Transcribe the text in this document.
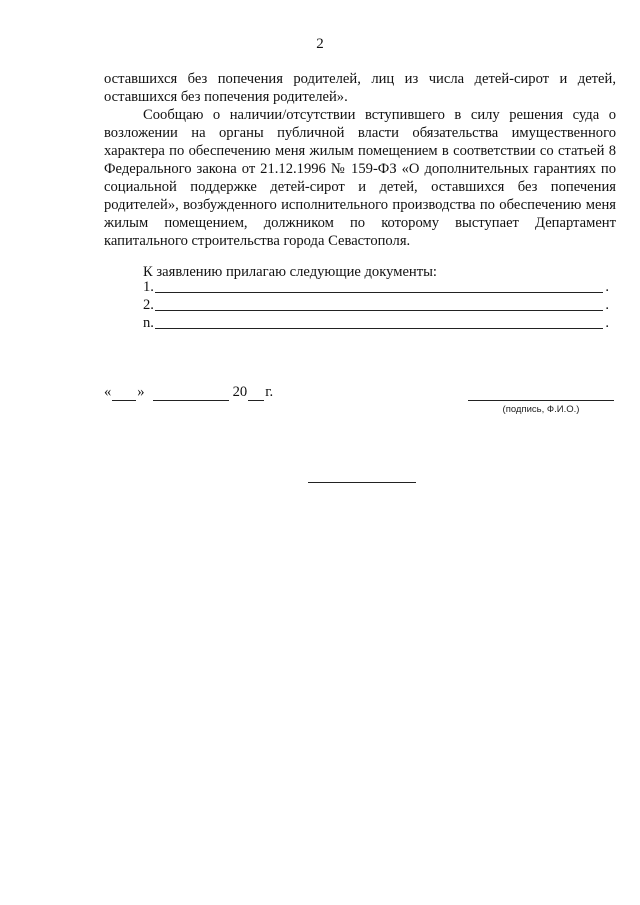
2
оставшихся без попечения родителей, лиц из числа детей-сирот и детей, оставшихся без попечения родителей».
Сообщаю о наличии/отсутствии вступившего в силу решения суда о возложении на органы публичной власти обязательства имущественного характера по обеспечению меня жилым помещением в соответствии со статьей 8 Федерального закона от 21.12.1996 № 159-ФЗ «О дополнительных гарантиях по социальной поддержке детей-сирот и детей, оставшихся без попечения родителей», возбужденного исполнительного производства по обеспечению меня жилым помещением, должником по которому выступает Департамент капитального строительства города Севастополя.
К заявлению прилагаю следующие документы:
1.	.
2.	.
n.	.
« »	20 г.
(подпись, Ф.И.О.)
